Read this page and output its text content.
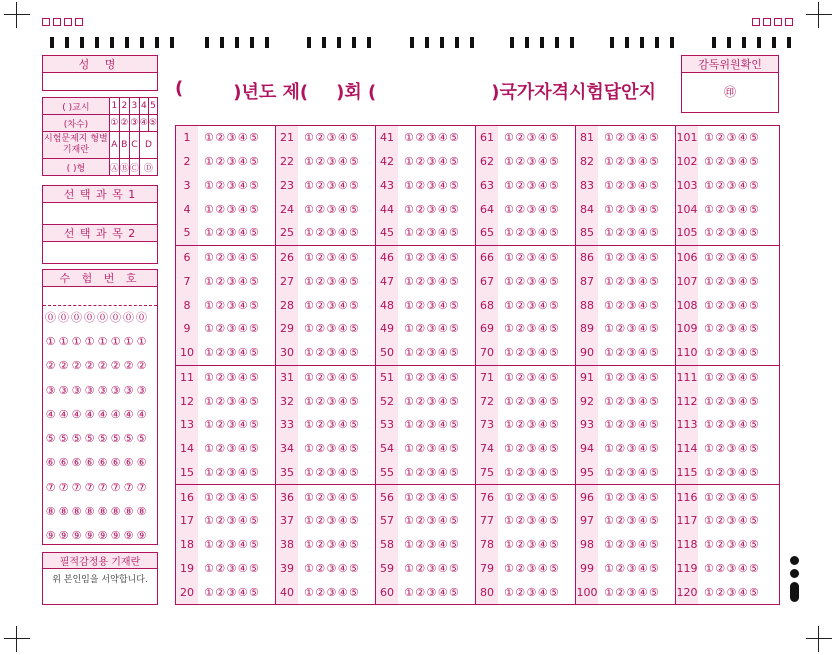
성 명
(	)년도 제( )회 (	)국가자격시험답안지
감독위원확인
㊞
( )교시	1	2	3	4	5
(차수)	①	②	③	④	⑤
시험문제지 형별기재란	A	B	C	D	
( )형	Ⓐ	Ⓑ	Ⓒ	Ⓓ	
선 택 과 목 1
선 택 과 목 2
수 험 번 호
⓪ ⓪ ⓪ ⓪ ⓪ ⓪ ⓪ ⓪
① ① ① ① ① ① ① ①
② ② ② ② ② ② ② ②
③ ③ ③ ③ ③ ③ ③ ③
④ ④ ④ ④ ④ ④ ④ ④
⑤ ⑤ ⑤ ⑤ ⑤ ⑤ ⑤ ⑤
⑥ ⑥ ⑥ ⑥ ⑥ ⑥ ⑥ ⑥
⑦ ⑦ ⑦ ⑦ ⑦ ⑦ ⑦ ⑦
⑧ ⑧ ⑧ ⑧ ⑧ ⑧ ⑧ ⑧
⑨ ⑨ ⑨ ⑨ ⑨ ⑨ ⑨ ⑨
필적감정용 기재란
위 본인임을 서약합니다.
1	①②③④⑤
2	①②③④⑤
3	①②③④⑤
4	①②③④⑤
5	①②③④⑤
6	①②③④⑤
7	①②③④⑤
8	①②③④⑤
9	①②③④⑤
10 ①②③④⑤
11 ①②③④⑤
12 ①②③④⑤
13 ①②③④⑤
14 ①②③④⑤
15 ①②③④⑤
16 ①②③④⑤
17 ①②③④⑤
18 ①②③④⑤
19 ①②③④⑤
20 ①②③④⑤
21 ①②③④⑤
22 ①②③④⑤
23 ①②③④⑤
24 ①②③④⑤
25 ①②③④⑤
26 ①②③④⑤
27 ①②③④⑤
28 ①②③④⑤
29 ①②③④⑤
30 ①②③④⑤
31 ①②③④⑤
32 ①②③④⑤
33 ①②③④⑤
34 ①②③④⑤
35 ①②③④⑤
36 ①②③④⑤
37 ①②③④⑤
38 ①②③④⑤
39 ①②③④⑤
40 ①②③④⑤
41 ①②③④⑤
42 ①②③④⑤
43 ①②③④⑤
44 ①②③④⑤
45 ①②③④⑤
46 ①②③④⑤
47 ①②③④⑤
48 ①②③④⑤
49 ①②③④⑤
50 ①②③④⑤
51 ①②③④⑤
52 ①②③④⑤
53 ①②③④⑤
54 ①②③④⑤
55 ①②③④⑤
56 ①②③④⑤
57 ①②③④⑤
58 ①②③④⑤
59 ①②③④⑤
60 ①②③④⑤
61 ①②③④⑤
62 ①②③④⑤
63 ①②③④⑤
64 ①②③④⑤
65 ①②③④⑤
66 ①②③④⑤
67 ①②③④⑤
68 ①②③④⑤
69 ①②③④⑤
70 ①②③④⑤
71 ①②③④⑤
72 ①②③④⑤
73 ①②③④⑤
74 ①②③④⑤
75 ①②③④⑤
76 ①②③④⑤
77 ①②③④⑤
78 ①②③④⑤
79 ①②③④⑤
80 ①②③④⑤
81 ①②③④⑤
82 ①②③④⑤
83 ①②③④⑤
84 ①②③④⑤
85 ①②③④⑤
86 ①②③④⑤
87 ①②③④⑤
88 ①②③④⑤
89 ①②③④⑤
90 ①②③④⑤
91 ①②③④⑤
92 ①②③④⑤
93 ①②③④⑤
94 ①②③④⑤
95 ①②③④⑤
96 ①②③④⑤
97 ①②③④⑤
98 ①②③④⑤
99 ①②③④⑤
100 ①②③④⑤
101 ①②③④⑤
102 ①②③④⑤
103 ①②③④⑤
104 ①②③④⑤
105 ①②③④⑤
106 ①②③④⑤
107 ①②③④⑤
108 ①②③④⑤
109 ①②③④⑤
110 ①②③④⑤
111 ①②③④⑤
112 ①②③④⑤
113 ①②③④⑤
114 ①②③④⑤
115 ①②③④⑤
116 ①②③④⑤
117 ①②③④⑤
118 ①②③④⑤
119 ①②③④⑤
120 ①②③④⑤
